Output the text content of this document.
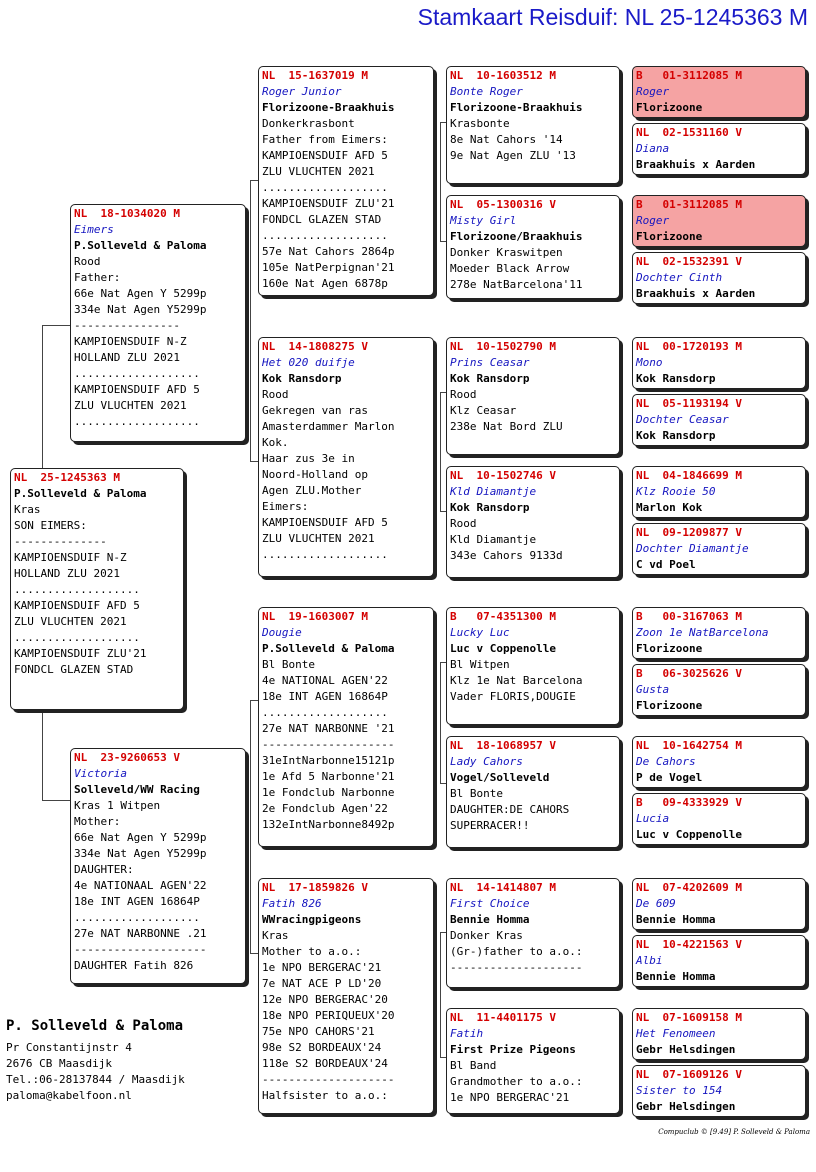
Stamkaart Reisduif: NL 25-1245363 M
NL  25-1245363 M
P.Solleveld & Paloma
Kras
SON EIMERS:
--------------
KAMPIOENSDUIF N-Z
HOLLAND ZLU 2021
...................
KAMPIOENSDUIF AFD 5
ZLU VLUCHTEN 2021
...................
KAMPIOENSDUIF ZLU'21
FONDCL GLAZEN STAD
NL  18-1034020 M
Eimers
P.Solleveld & Paloma
Rood
Father:
66e Nat Agen Y 5299p
334e Nat Agen Y5299p
----------------
KAMPIOENSDUIF N-Z
HOLLAND ZLU 2021
...................
KAMPIOENSDUIF AFD 5
ZLU VLUCHTEN 2021
...................
NL  23-9260653 V
Victoria
Solleveld/WW Racing
Kras 1 Witpen
Mother:
66e Nat Agen Y 5299p
334e Nat Agen Y5299p
DAUGHTER:
4e NATIONAAL AGEN'22
18e INT AGEN 16864P
...................
27e NAT NARBONNE .21
--------------------
DAUGHTER Fatih 826
NL  15-1637019 M
Roger Junior
Florizoone-Braakhuis
Donkerkrasbont
Father from Eimers:
KAMPIOENSDUIF AFD 5
ZLU VLUCHTEN 2021
...................
KAMPIOENSDUIF ZLU'21
FONDCL GLAZEN STAD
...................
57e Nat Cahors 2864p
105e NatPerpignan'21
160e Nat Agen 6878p
NL  14-1808275 V
Het 020 duifje
Kok Ransdorp
Rood
Gekregen van ras
Amasterdammer Marlon
Kok.
Haar zus 3e in
Noord-Holland op
Agen ZLU.Mother
Eimers:
KAMPIOENSDUIF AFD 5
ZLU VLUCHTEN 2021
...................
NL  19-1603007 M
Dougie
P.Solleveld & Paloma
Bl Bonte
4e NATIONAL AGEN'22
18e INT AGEN 16864P
...................
27e NAT NARBONNE '21
--------------------
31eIntNarbonne15121p
1e Afd 5 Narbonne'21
1e Fondclub Narbonne
2e Fondclub Agen'22
132eIntNarbonne8492p
NL  17-1859826 V
Fatih 826
WWracingpigeons
Kras
Mother to a.o.:
1e NPO BERGERAC'21
7e NAT ACE P LD'20
12e NPO BERGERAC'20
18e NPO PERIQUEUX'20
75e NPO CAHORS'21
98e S2 BORDEAUX'24
118e S2 BORDEAUX'24
--------------------
Halfsister to a.o.:
NL  10-1603512 M
Bonte Roger
Florizoone-Braakhuis
Krasbonte
8e Nat Cahors '14
9e Nat Agen ZLU '13
NL  05-1300316 V
Misty Girl
Florizoone/Braakhuis
Donker Kraswitpen
Moeder Black Arrow
278e NatBarcelona'11
NL  10-1502790 M
Prins Ceasar
Kok Ransdorp
Rood
Klz Ceasar
238e Nat Bord ZLU
NL  10-1502746 V
Kld Diamantje
Kok Ransdorp
Rood
Kld Diamantje
343e Cahors 9133d
B   07-4351300 M
Lucky Luc
Luc v Coppenolle
Bl Witpen
Klz 1e Nat Barcelona
Vader FLORIS,DOUGIE
NL  18-1068957 V
Lady Cahors
Vogel/Solleveld
Bl Bonte
DAUGHTER:DE CAHORS
SUPERRACER!!
NL  14-1414807 M
First Choice
Bennie Homma
Donker Kras
(Gr-)father to a.o.:
--------------------
NL  11-4401175 V
Fatih
First Prize Pigeons
Bl Band
Grandmother to a.o.:
1e NPO BERGERAC'21
B   01-3112085 M
Roger
Florizoone
NL  02-1531160 V
Diana
Braakhuis x Aarden
B   01-3112085 M
Roger
Florizoone
NL  02-1532391 V
Dochter Cinth
Braakhuis x Aarden
NL  00-1720193 M
Mono
Kok Ransdorp
NL  05-1193194 V
Dochter Ceasar
Kok Ransdorp
NL  04-1846699 M
Klz Rooie 50
Marlon Kok
NL  09-1209877 V
Dochter Diamantje
C vd Poel
B   00-3167063 M
Zoon 1e NatBarcelona
Florizoone
B   06-3025626 V
Gusta
Florizoone
NL  10-1642754 M
De Cahors
P de Vogel
B   09-4333929 V
Lucia
Luc v Coppenolle
NL  07-4202609 M
De 609
Bennie Homma
NL  10-4221563 V
Albi
Bennie Homma
NL  07-1609158 M
Het Fenomeen
Gebr Helsdingen
NL  07-1609126 V
Sister to 154
Gebr Helsdingen
P. Solleveld & Paloma
Pr Constantijnstr 4
2676 CB Maasdijk
Tel.:06-28137844 / Maasdijk
paloma@kabelfoon.nl
Compuclub © [9.49] P. Solleveld & Paloma
